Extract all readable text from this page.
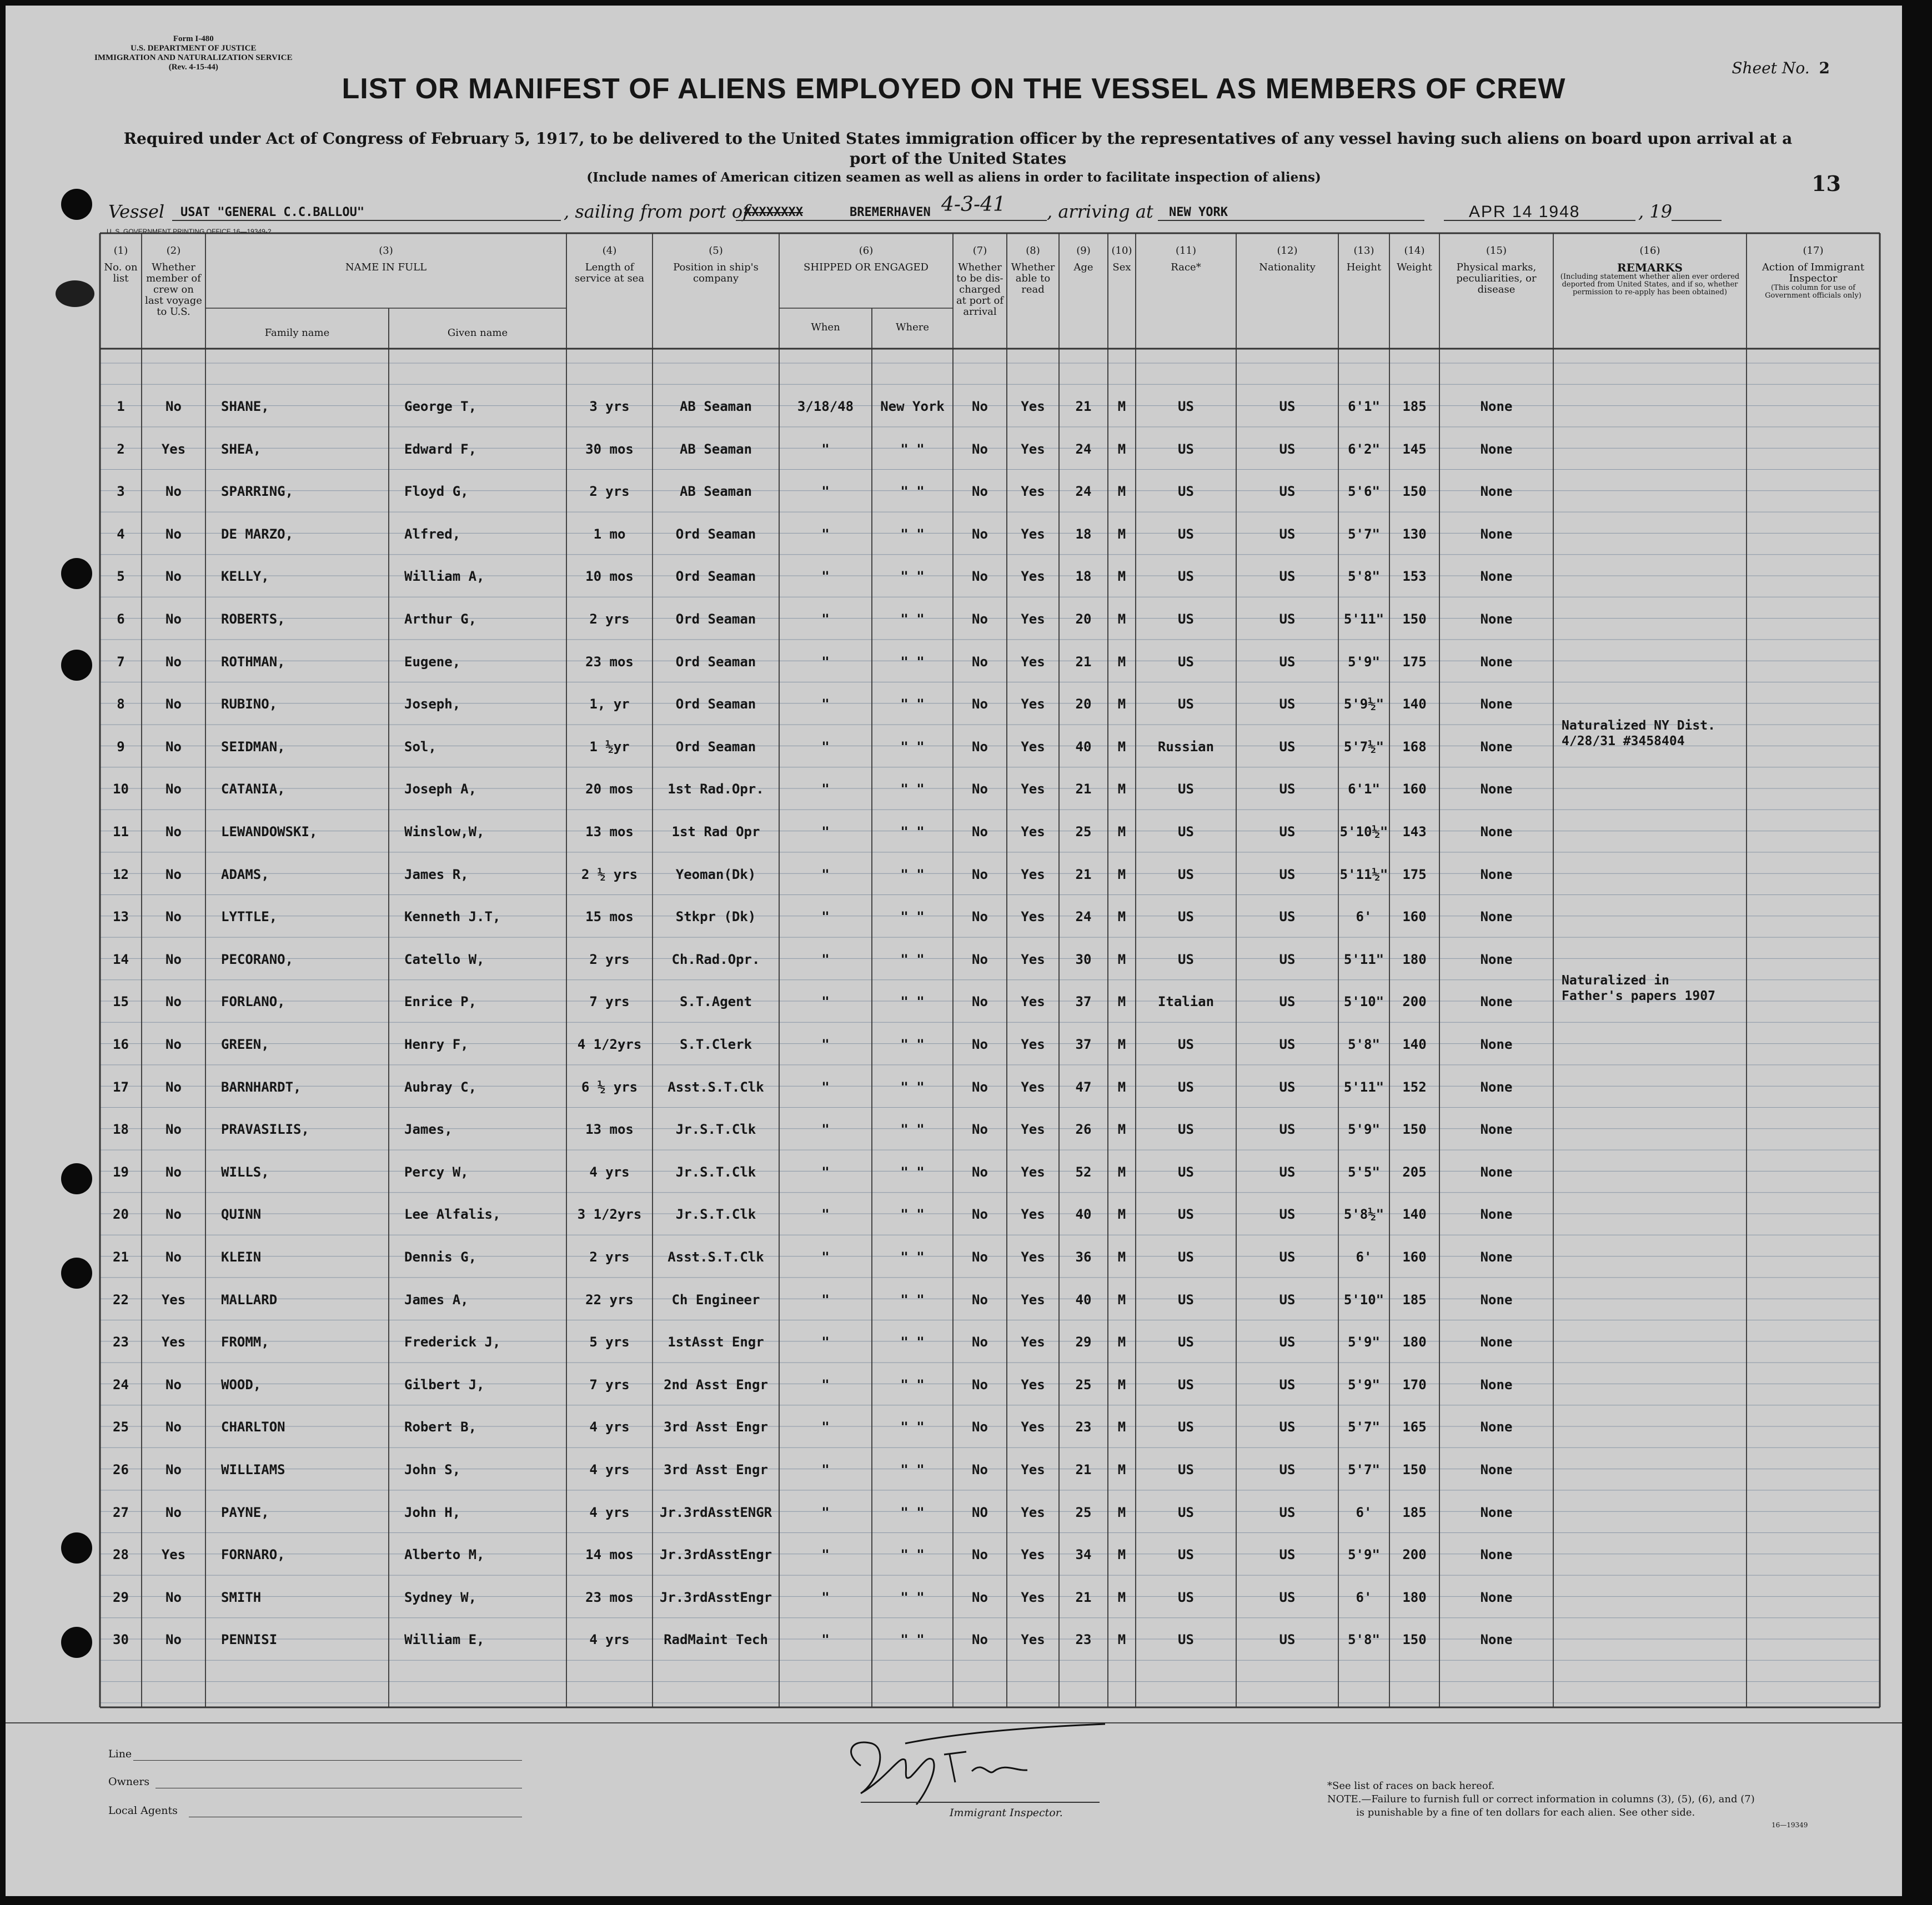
Form I-480
U.S. DEPARTMENT OF JUSTICE
IMMIGRATION AND NATURALIZATION SERVICE
(Rev. 4-15-44)	Sheet No. 2
LIST OR MANIFEST OF ALIENS EMPLOYED ON THE VESSEL AS MEMBERS OF CREW
Required under Act of Congress of February 5, 1917, to be delivered to the United States immigration officer by the representatives of any vessel having such aliens on board upon arrival at a port of the United States
(Include names of American citizen seamen as well as aliens in order to facilitate inspection of aliens)	13
Vessel USAT "GENERAL C.C.BALLOU"	, sailing from port of
XXXXXXXX	BREMERHAVEN 4-3-41 , arriving at NEW YORK	APR 14 1948	, 19
U. S. GOVERNMENT PRINTING OFFICE 16—19349-2
(1)
No. on list
(2)
Whether member of crew on last voyage to U.S.
(3)
NAME IN FULL
Family name	Given name
(4)
Length of service at sea
(5)
Position in ship's company
(6)
SHIPPED OR ENGAGED
When	Where
(7)
Whether to be dis-charged at port of arrival
(8)
Whether able to read
(9)
Age
(10)
Sex
(11)
Race*
(12)
Nationality
(13)
Height
(14)
Weight
(15)
Physical marks, peculiarities, or disease
(16)
REMARKS
(Including statement whether alien ever ordered deported from United States, and if so, whether permission to re-apply has been obtained)
(17)
Action of Immigrant Inspector
(This column for use of Government officials only)
1	No	SHANE,	George T,	3 yrs	AB Seaman	3/18/48	New York	No	Yes	21	M	US	US	6'1"	185	None
2	Yes	SHEA,	Edward F,	30 mos	AB Seaman	"	" "	No	Yes	24	M	US	US	6'2"	145	None
3	No	SPARRING,	Floyd G,	2 yrs	AB Seaman	"	" "	No	Yes	24	M	US	US	5'6"	150	None
4	No	DE MARZO,	Alfred,	1 mo	Ord Seaman	"	" "	No	Yes	18	M	US	US	5'7"	130	None
5	No	KELLY,	William A,	10 mos	Ord Seaman	"	" "	No	Yes	18	M	US	US	5'8"	153	None
6	No	ROBERTS,	Arthur G,	2 yrs	Ord Seaman	"	" "	No	Yes	20	M	US	US	5'11"	150	None
7	No	ROTHMAN,	Eugene,	23 mos	Ord Seaman	"	" "	No	Yes	21	M	US	US	5'9"	175	None
8	No	RUBINO,	Joseph,	1, yr	Ord Seaman	"	" "	No	Yes	20	M	US	US	5'9½"	140	None
9	No	SEIDMAN,	Sol,	1 ½yr	Ord Seaman	"	" "	No	Yes	40	M	Russian	US	5'7½"	168	None
Naturalized NY Dist. 4/28/31 #3458404
10	No	CATANIA,	Joseph A,	20 mos	1st Rad.Opr.	"	" "	No	Yes	21	M	US	US	6'1"	160	None
11	No	LEWANDOWSKI,	Winslow,W,	13 mos	1st Rad Opr	"	" "	No	Yes	25	M	US	US	5'10½"	143	None
12	No	ADAMS,	James R,	2 ½ yrs	Yeoman(Dk)	"	" "	No	Yes	21	M	US	US	5'11½"	175	None
13	No	LYTTLE,	Kenneth J.T,	15 mos	Stkpr (Dk)	"	" "	No	Yes	24	M	US	US	6'	160	None
14	No	PECORANO,	Catello W,	2 yrs	Ch.Rad.Opr.	"	" "	No	Yes	30	M	US	US	5'11"	180	None
15	No	FORLANO,	Enrice P,	7 yrs	S.T.Agent	"	" "	No	Yes	37	M	Italian	US	5'10"	200	None
Naturalized in Father's papers 1907
16	No	GREEN,	Henry F,	4 1/2yrs	S.T.Clerk	"	" "	No	Yes	37	M	US	US	5'8"	140	None
17	No	BARNHARDT,	Aubray C,	6 ½ yrs	Asst.S.T.Clk	"	" "	No	Yes	47	M	US	US	5'11"	152	None
18	No	PRAVASILIS,	James,	13 mos	Jr.S.T.Clk	"	" "	No	Yes	26	M	US	US	5'9"	150	None
19	No	WILLS,	Percy W,	4 yrs	Jr.S.T.Clk	"	" "	No	Yes	52	M	US	US	5'5"	205	None
20	No	QUINN	Lee Alfalis,	3 1/2yrs	Jr.S.T.Clk	"	" "	No	Yes	40	M	US	US	5'8½"	140	None
21	No	KLEIN	Dennis G,	2 yrs	Asst.S.T.Clk	"	" "	No	Yes	36	M	US	US	6'	160	None
22	Yes	MALLARD	James A,	22 yrs	Ch Engineer	"	" "	No	Yes	40	M	US	US	5'10"	185	None
23	Yes	FROMM,	Frederick J,	5 yrs	1stAsst Engr	"	" "	No	Yes	29	M	US	US	5'9"	180	None
24	No	WOOD,	Gilbert J,	7 yrs	2nd Asst Engr	"	" "	No	Yes	25	M	US	US	5'9"	170	None
25	No	CHARLTON	Robert B,	4 yrs	3rd Asst Engr	"	" "	No	Yes	23	M	US	US	5'7"	165	None
26	No	WILLIAMS	John S,	4 yrs	3rd Asst Engr	"	" "	No	Yes	21	M	US	US	5'7"	150	None
27	No	PAYNE,	John H,	4 yrs	Jr.3rdAsstENGR	"	" "	NO	Yes	25	M	US	US	6'	185	None
28	Yes	FORNARO,	Alberto M,	14 mos	Jr.3rdAsstEngr	"	" "	No	Yes	34	M	US	US	5'9"	200	None
29	No	SMITH	Sydney W,	23 mos	Jr.3rdAsstEngr	"	" "	No	Yes	21	M	US	US	6'	180	None
30	No	PENNISI	William E,	4 yrs	RadMaint Tech	"	" "	No	Yes	23	M	US	US	5'8"	150	None
Line
Owners
Local Agents	Immigrant Inspector.
*See list of races on back hereof.
NOTE.—Failure to furnish full or correct information in columns (3), (5), (6), and (7)
is punishable by a fine of ten dollars for each alien. See other side.
16—19349
